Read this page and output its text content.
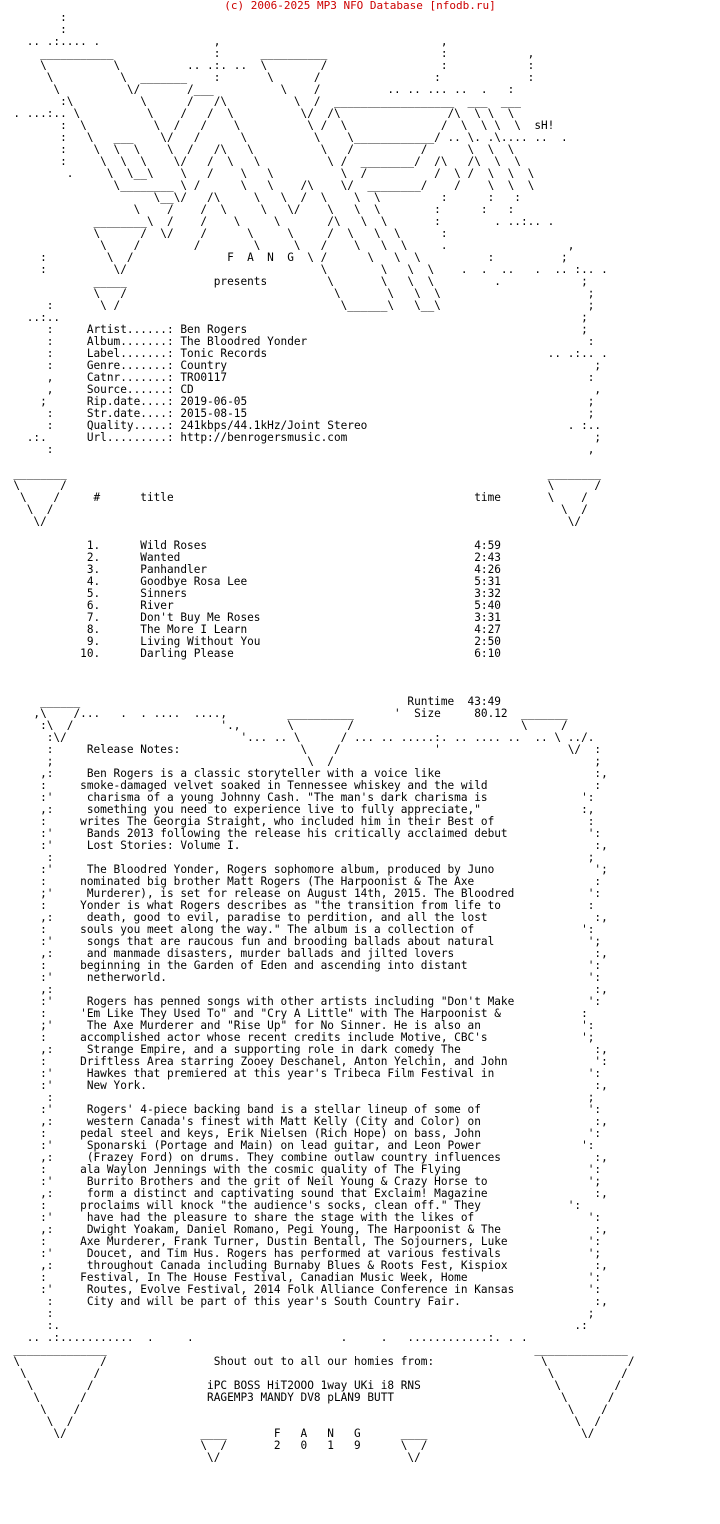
(c) 2006-2025 MP3 NFO Database [nfodb.ru]
:
:
.. .:.... .                 ,                                 ,
___________               :      __________                 :            ,
\          \          .. .:. ..  \        /                 :            :
\          \  _______    :       \      /                 :             :
\          \/       /___          \    /          .. .. ... ..  .   :
:\          \      /   /\          \  /  __________________  ___  ___
. ...:.. \          \    /   /  \          \/  /\                /\  \ \  \
:  \          \  /   /    \          \ /  \              /  \  \ \  \  sH!
:   \   ___    \/   /      \          \    \____________/ .. \. .\.... ..  .
:    \  \  \    \  /   /\   \          \   /          /      \  \  \
:     \  \  \    \/   /  \   \          \ /  ________/  /\   /\  \  \
.     \  \__\    \   /    \   \          \  /          /  \ /  \  \  \
\________ \ /      \   \    /\    \/  ________/    /    \  \  \
\__\/   /\     \   \  /  \    \  \         :      :   :
\    /    /  \     \   \/    \   \  \        :      :   :
________\  /    /    \     \       /\   \  \       :        . ..:.. .
\      /  \/    /      \     \     /  \   \  \      :
\    /        /        \     \   /    \   \  \     .                  ,
:         \  /              F  A  N  G  \ /      \   \  \          :          ;
:          \/                             \        \   \  \    .  .  ..   .  .. :.. .
_____             presents         \       \   \  \         .            ;
\   /                               \       \   \  \                      ;
:       \ /                                 \______\   \__\                      ;
..:..                                                                              ;
:     Artist......: Ben Rogers                                                  ;
:     Album.......: The Bloodred Yonder                                          :
:     Label.......: Tonic Records                                          .. .:.. .
:     Genre.......: Country                                                       ;
,     Catnr.......: TRO0117                                                      :
,     Source......: CD                                                            ,
;      Rip.date....: 2019-06-05                                                   ;
:     Str.date....: 2015-08-15                                                   ;
:     Quality.....: 241kbps/44.1kHz/Joint Stereo                              . :..
.:.      Url.........: http://benrogersmusic.com                                     ;
:                                                                                ,

________                                                                        ________
\      /                                                                        \      /
\    /     #      title                                             time       \    /
\  /                                                                            \  /
\/                                                                              \/

1.      Wild Roses                                        4:59
2.      Wanted                                            2:43
3.      Panhandler                                        4:26
4.      Goodbye Rosa Lee                                  5:31
5.      Sinners                                           3:32
6.      River                                             5:40
7.      Don't Buy Me Roses                                3:31
8.      The More I Learn                                  4:27
9.      Living Without You                                2:50
10.      Darling Please                                    6:10

______                                                 Runtime  43:49
,\    /...   .  . ....  ....,         __________      '  Size     80.12  _______
:\  /                      '.,       \        /                         \     /
:\/                          '... .. \      / ... .. .....:. .. .... ..  .. \ ../.
:     Release Notes:                  \    /              '                   \/  :
;                                      \  /                                       ;
,:     Ben Rogers is a classic storyteller with a voice like                       :,
:     smoke-damaged velvet soaked in Tennessee whiskey and the wild                :
:'     charisma of a young Johnny Cash. "The man's dark charisma is              ':
,:     something you need to experience live to fully appreciate,"               :,
:     writes The Georgia Straight, who included him in their Best of              :
:'     Bands 2013 following the release his critically acclaimed debut            ':
:'     Lost Stories: Volume I.                                                     :,
:                                                                                ;
:'     The Bloodred Yonder, Rogers sophomore album, produced by Juno               ';
:     nominated big brother Matt Rogers (The Harpoonist & The Axe                  :
;'     Murderer), is set for release on August 14th, 2015. The Bloodred           ':
:     Yonder is what Rogers describes as "the transition from life to             :
,:     death, good to evil, paradise to perdition, and all the lost                :,
:     souls you meet along the way." The album is a collection of                ':
:'     songs that are raucous fun and brooding ballads about natural              ';
,:     and manmade disasters, murder ballads and jilted lovers                     :,
:     beginning in the Garden of Eden and ascending into distant                  ':
:'     netherworld.                                                               ':
,:                                                                                 :,
:'     Rogers has penned songs with other artists including "Don't Make           ':
:     'Em Like They Used To" and "Cry A Little" with The Harpoonist &            :
;'     The Axe Murderer and "Rise Up" for No Sinner. He is also an               ':
:     accomplished actor whose recent credits include Motive, CBC's              ';
,:     Strange Empire, and a supporting role in dark comedy The                    :,
:     Driftless Area starring Zooey Deschanel, Anton Yelchin, and John             ':
:'     Hawkes that premiered at this year's Tribeca Film Festival in              ':
:'     New York.                                                                   :,
:                                                                                ;
:'     Rogers' 4-piece backing band is a stellar lineup of some of                ':
,:     western Canada's finest with Matt Kelly (City and Color) on                 :,
:     pedal steel and keys, Erik Nielsen (Rich Hope) on bass, John                ':
:'     Sponarski (Portage and Main) on lead guitar, and Leon Power               ':
,:     (Frazey Ford) on drums. They combine outlaw country influences              :,
:     ala Waylon Jennings with the cosmic quality of The Flying                   ':
:'     Burrito Brothers and the grit of Neil Young & Crazy Horse to               ';
,:     form a distinct and captivating sound that Exclaim! Magazine                :,
:     proclaims will knock "the audience's socks, clean off." They             ':
:'     have had the pleasure to share the stage with the likes of                 ':
,:     Dwight Yoakam, Daniel Romano, Pegi Young, The Harpoonist & The              :,
:     Axe Murderer, Frank Turner, Dustin Bentall, The Sojourners, Luke            ':
:'     Doucet, and Tim Hus. Rogers has performed at various festivals             ';
,:     throughout Canada including Burnaby Blues & Roots Fest, Kispiox             :,
:     Festival, In The House Festival, Canadian Music Week, Home                  ':
:'     Routes, Evolve Festival, 2014 Folk Alliance Conference in Kansas           ':
:     City and will be part of this year's South Country Fair.                    :,
:                                                                                ;
:.                                                                             .:
.. .:...........  .     .                      .     .   ............:. . .
______________                                                                ______________
\            /                Shout out to all our homies from:                \            /
\          /                                                                   \          /
\        /                 iPC BOSS HiT2OOO 1way UKi i8 RNS                    \        /
\      /                  RAGEMP3 MANDY DV8 pLAN9 BUTT                         \      /
\    /                                                                         \    /
\  /                                                                           \  /
\/                    ____       F   A   N   G      ____                       \/
\  /       2   0   1   9      \  /
\/                            \/
